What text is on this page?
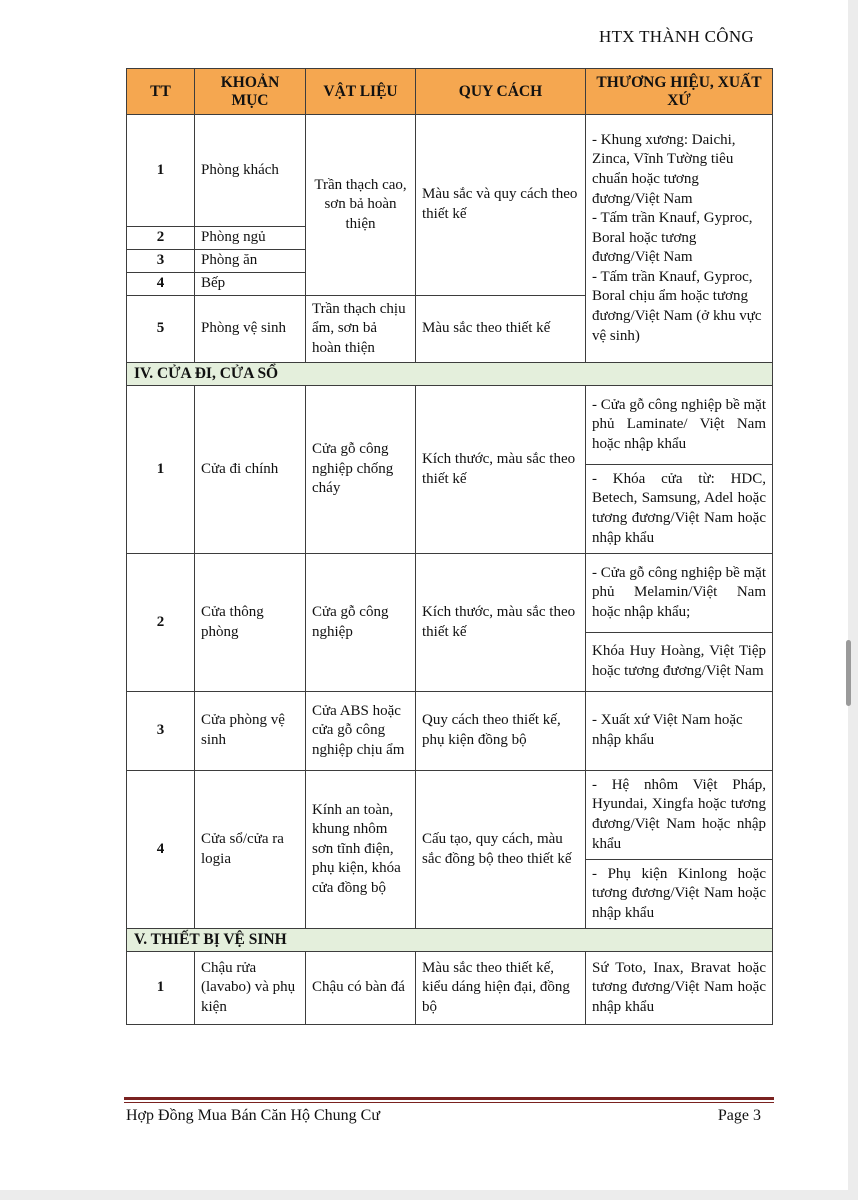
HTX THÀNH CÔNG
TT	KHOẢN MỤC	VẬT LIỆU	QUY CÁCH	THƯƠNG HIỆU, XUẤT XỨ
1	Phòng khách	Trần thạch cao, sơn bả hoàn thiện	Màu sắc và quy cách theo thiết kế	- Khung xương: Daichi, Zinca, Vĩnh Tường tiêu chuẩn hoặc tương đương/Việt Nam
- Tấm trần Knauf, Gyproc, Boral hoặc tương đương/Việt Nam
- Tấm trần Knauf, Gyproc, Boral chịu ẩm hoặc tương đương/Việt Nam (ở khu vực vệ sinh)

2	Phòng ngủ			
3	Phòng ăn			
4	Bếp			
5	Phòng vệ sinh	Trần thạch chịu ẩm, sơn bả hoàn thiện	Màu sắc theo thiết kế	
IV. CỬA ĐI, CỬA SỔ				
1	Cửa đi chính	Cửa gỗ công nghiệp chống cháy	Kích thước, màu sắc theo thiết kế	- Cửa gỗ công nghiệp bề mặt phủ Laminate/ Việt Nam hoặc nhập khẩu
				- Khóa cửa từ: HDC, Betech, Samsung, Adel hoặc tương đương/Việt Nam hoặc nhập khẩu
2	Cửa thông phòng	Cửa gỗ công nghiệp	Kích thước, màu sắc theo thiết kế	- Cửa gỗ công nghiệp bề mặt phủ Melamin/Việt Nam hoặc nhập khẩu;
				Khóa Huy Hoàng, Việt Tiệp hoặc tương đương/Việt Nam
3	Cửa phòng vệ sinh	Cửa ABS hoặc cửa gỗ công nghiệp chịu ẩm	Quy cách theo thiết kế, phụ kiện đồng bộ	- Xuất xứ Việt Nam hoặc nhập khẩu
4	Cửa sổ/cửa ra logia	Kính an toàn, khung nhôm sơn tĩnh điện, phụ kiện, khóa cửa đồng bộ	Cấu tạo, quy cách, màu sắc đồng bộ theo thiết kế	- Hệ nhôm Việt Pháp, Hyundai, Xingfa hoặc tương đương/Việt Nam hoặc nhập khẩu
				- Phụ kiện Kinlong hoặc tương đương/Việt Nam hoặc nhập khẩu
V. THIẾT BỊ VỆ SINH				
1	Chậu rửa (lavabo) và phụ kiện	Chậu có bàn đá	Màu sắc theo thiết kế, kiểu dáng hiện đại, đồng bộ	Sứ Toto, Inax, Bravat hoặc tương đương/Việt Nam hoặc nhập khẩu
Hợp Đồng Mua Bán Căn Hộ Chung Cư	Page 3
